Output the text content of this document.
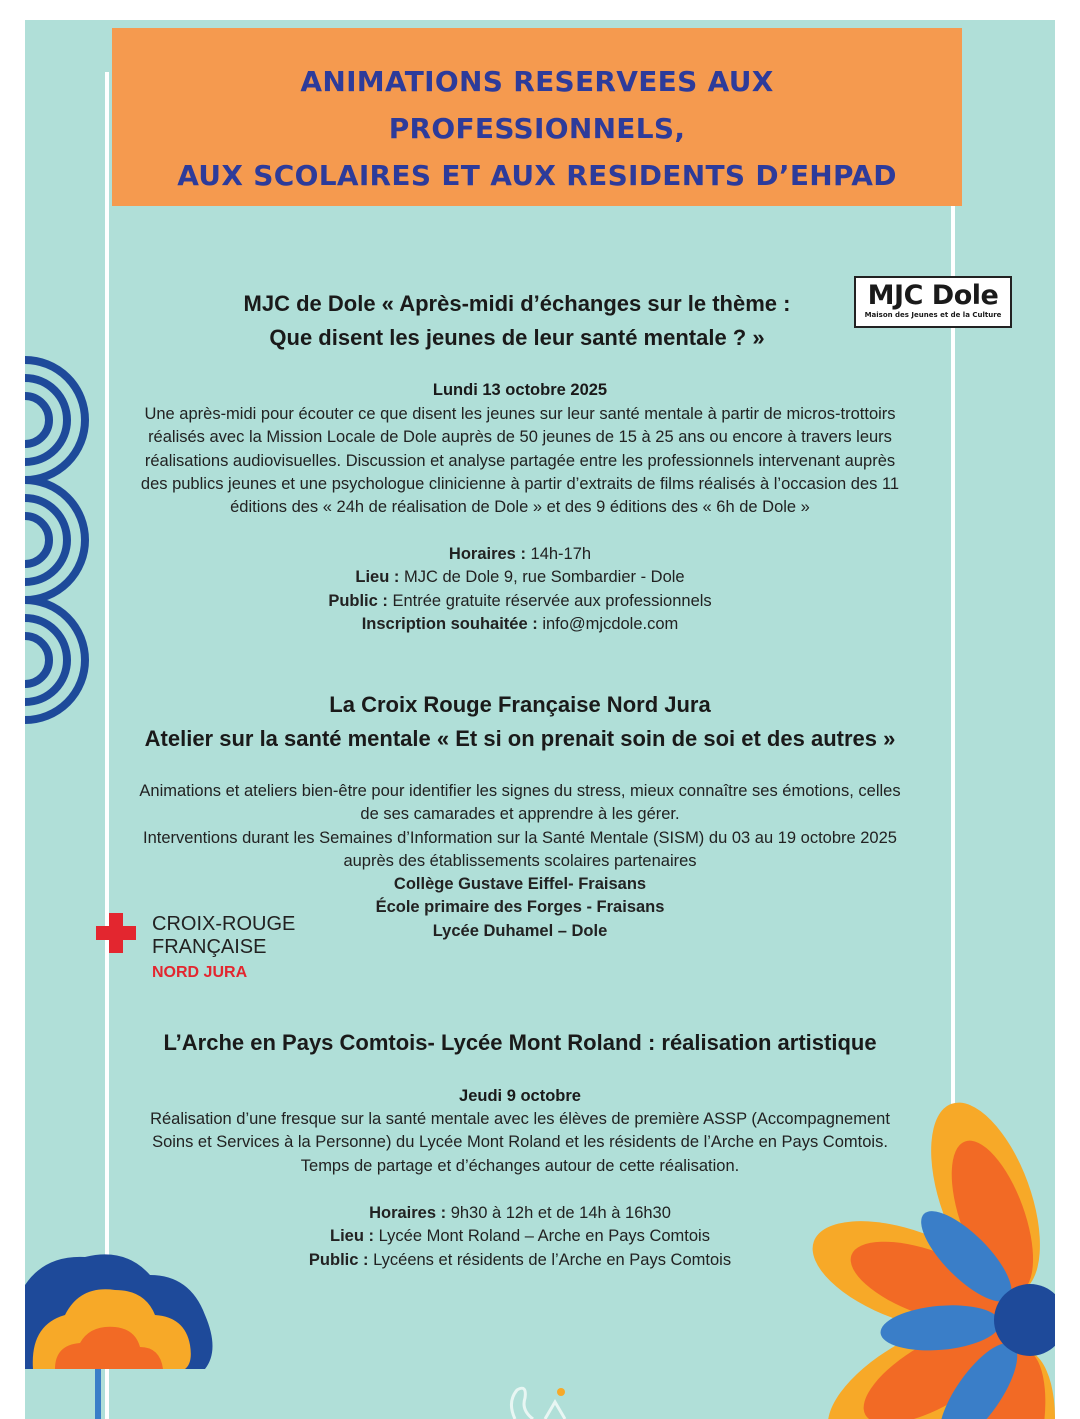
ANIMATIONS RESERVEES AUX
PROFESSIONNELS,
AUX SCOLAIRES ET AUX RESIDENTS D’EHPAD
MJC de Dole « Après-midi d’échanges sur le thème :
Que disent les jeunes de leur santé mentale ? »
MJC Dole
Maison des Jeunes et de la Culture
Lundi 13 octobre 2025
Une après-midi pour écouter ce que disent les jeunes sur leur santé mentale à partir de micros-trottoirs
réalisés avec la Mission Locale de Dole auprès de 50 jeunes de 15 à 25 ans ou encore à travers leurs
réalisations audiovisuelles. Discussion et analyse partagée entre les professionnels intervenant auprès
des publics jeunes et une psychologue clinicienne à partir d’extraits de films réalisés à l’occasion des 11
éditions des « 24h de réalisation de Dole » et des 9 éditions des « 6h de Dole »
Horaires : 14h-17h
Lieu : MJC de Dole 9, rue Sombardier - Dole
Public : Entrée gratuite réservée aux professionnels
Inscription souhaitée : info@mjcdole.com
La Croix Rouge Française Nord Jura
Atelier sur la santé mentale « Et si on prenait soin de soi et des autres »
Animations et ateliers bien-être pour identifier les signes du stress, mieux connaître ses émotions, celles
de ses camarades et apprendre à les gérer.
Interventions durant les Semaines d’Information sur la Santé Mentale (SISM) du 03 au 19 octobre 2025
auprès des établissements scolaires partenaires
Collège Gustave Eiffel- Fraisans
École primaire des Forges - Fraisans
Lycée Duhamel – Dole
CROIX-ROUGE
FRANÇAISE
NORD JURA
L’Arche en Pays Comtois- Lycée Mont Roland : réalisation artistique
Jeudi 9 octobre
Réalisation d’une fresque sur la santé mentale avec les élèves de première ASSP (Accompagnement
Soins et Services à la Personne) du Lycée Mont Roland et les résidents de l’Arche en Pays Comtois.
Temps de partage et d’échanges autour de cette réalisation.
Horaires : 9h30 à 12h et de 14h à 16h30
Lieu : Lycée Mont Roland – Arche en Pays Comtois
Public : Lycéens et résidents de l’Arche en Pays Comtois
